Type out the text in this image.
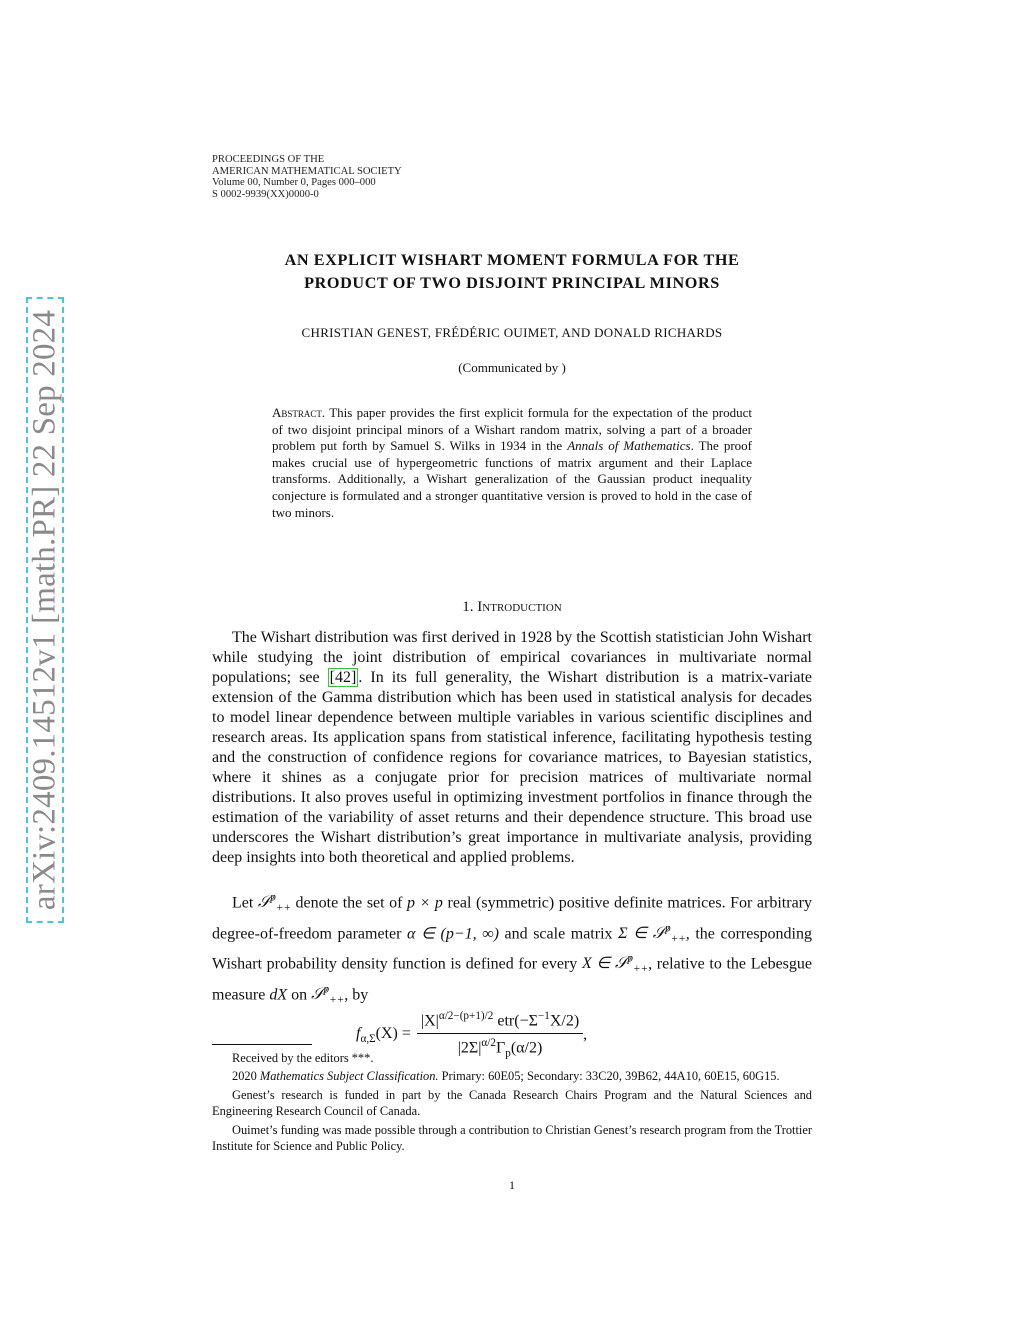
arXiv:2409.14512v1 [math.PR] 22 Sep 2024
PROCEEDINGS OF THE
AMERICAN MATHEMATICAL SOCIETY
Volume 00, Number 0, Pages 000–000
S 0002-9939(XX)0000-0
AN EXPLICIT WISHART MOMENT FORMULA FOR THE
PRODUCT OF TWO DISJOINT PRINCIPAL MINORS
CHRISTIAN GENEST, FRÉDÉRIC OUIMET, AND DONALD RICHARDS
(Communicated by )
Abstract. This paper provides the first explicit formula for the expectation of the product of two disjoint principal minors of a Wishart random matrix, solving a part of a broader problem put forth by Samuel S. Wilks in 1934 in the Annals of Mathematics. The proof makes crucial use of hypergeometric functions of matrix argument and their Laplace transforms. Additionally, a Wishart generalization of the Gaussian product inequality conjecture is formulated and a stronger quantitative version is proved to hold in the case of two minors.
1. Introduction

The Wishart distribution was first derived in 1928 by the Scottish statistician John Wishart while studying the joint distribution of empirical covariances in multivariate normal populations; see [42] . In its full generality, the Wishart distribution is a matrix-variate extension of the Gamma distribution which has been used in statistical analysis for decades to model linear dependence between multiple variables in various scientific disciplines and research areas. Its application spans from statistical inference, facilitating hypothesis testing and the construction of confidence regions for covariance matrices, to Bayesian statistics, where it shines as a conjugate prior for precision matrices of multivariate normal distributions. It also proves useful in optimizing investment portfolios in finance through the estimation of the variability of asset returns and their dependence structure. This broad use underscores the Wishart distribution’s great importance in multivariate analysis, providing deep insights into both theoretical and applied problems.

Let 𝒮$^p_{++}$ denote the set of p × p real (symmetric) positive definite matrices. For arbitrary degree-of-freedom parameter α ∈ (p−1, ∞) and scale matrix Σ ∈ 𝒮$^p_{++}$, the corresponding Wishart probability density function is defined for every X ∈ 𝒮$^p_{++}$, relative to the Lebesgue measure dX on 𝒮$^p_{++}$, by

$f_{\alpha,\Sigma}(X) = \frac{|X|^{\alpha/2-(p+1)/2} etr(-\Sigma^{-1}X/2)}{|2\Sigma|^{\alpha/2}\Gamma_p(\alpha/2)}$ ,

Received by the editors ***.

2020 Mathematics Subject Classification. Primary: 60E05; Secondary: 33C20, 39B62, 44A10, 60E15, 60G15.

Genest’s research is funded in part by the Canada Research Chairs Program and the Natural Sciences and Engineering Research Council of Canada.

Ouimet’s funding was made possible through a contribution to Christian Genest’s research program from the Trottier Institute for Science and Public Policy.

1
